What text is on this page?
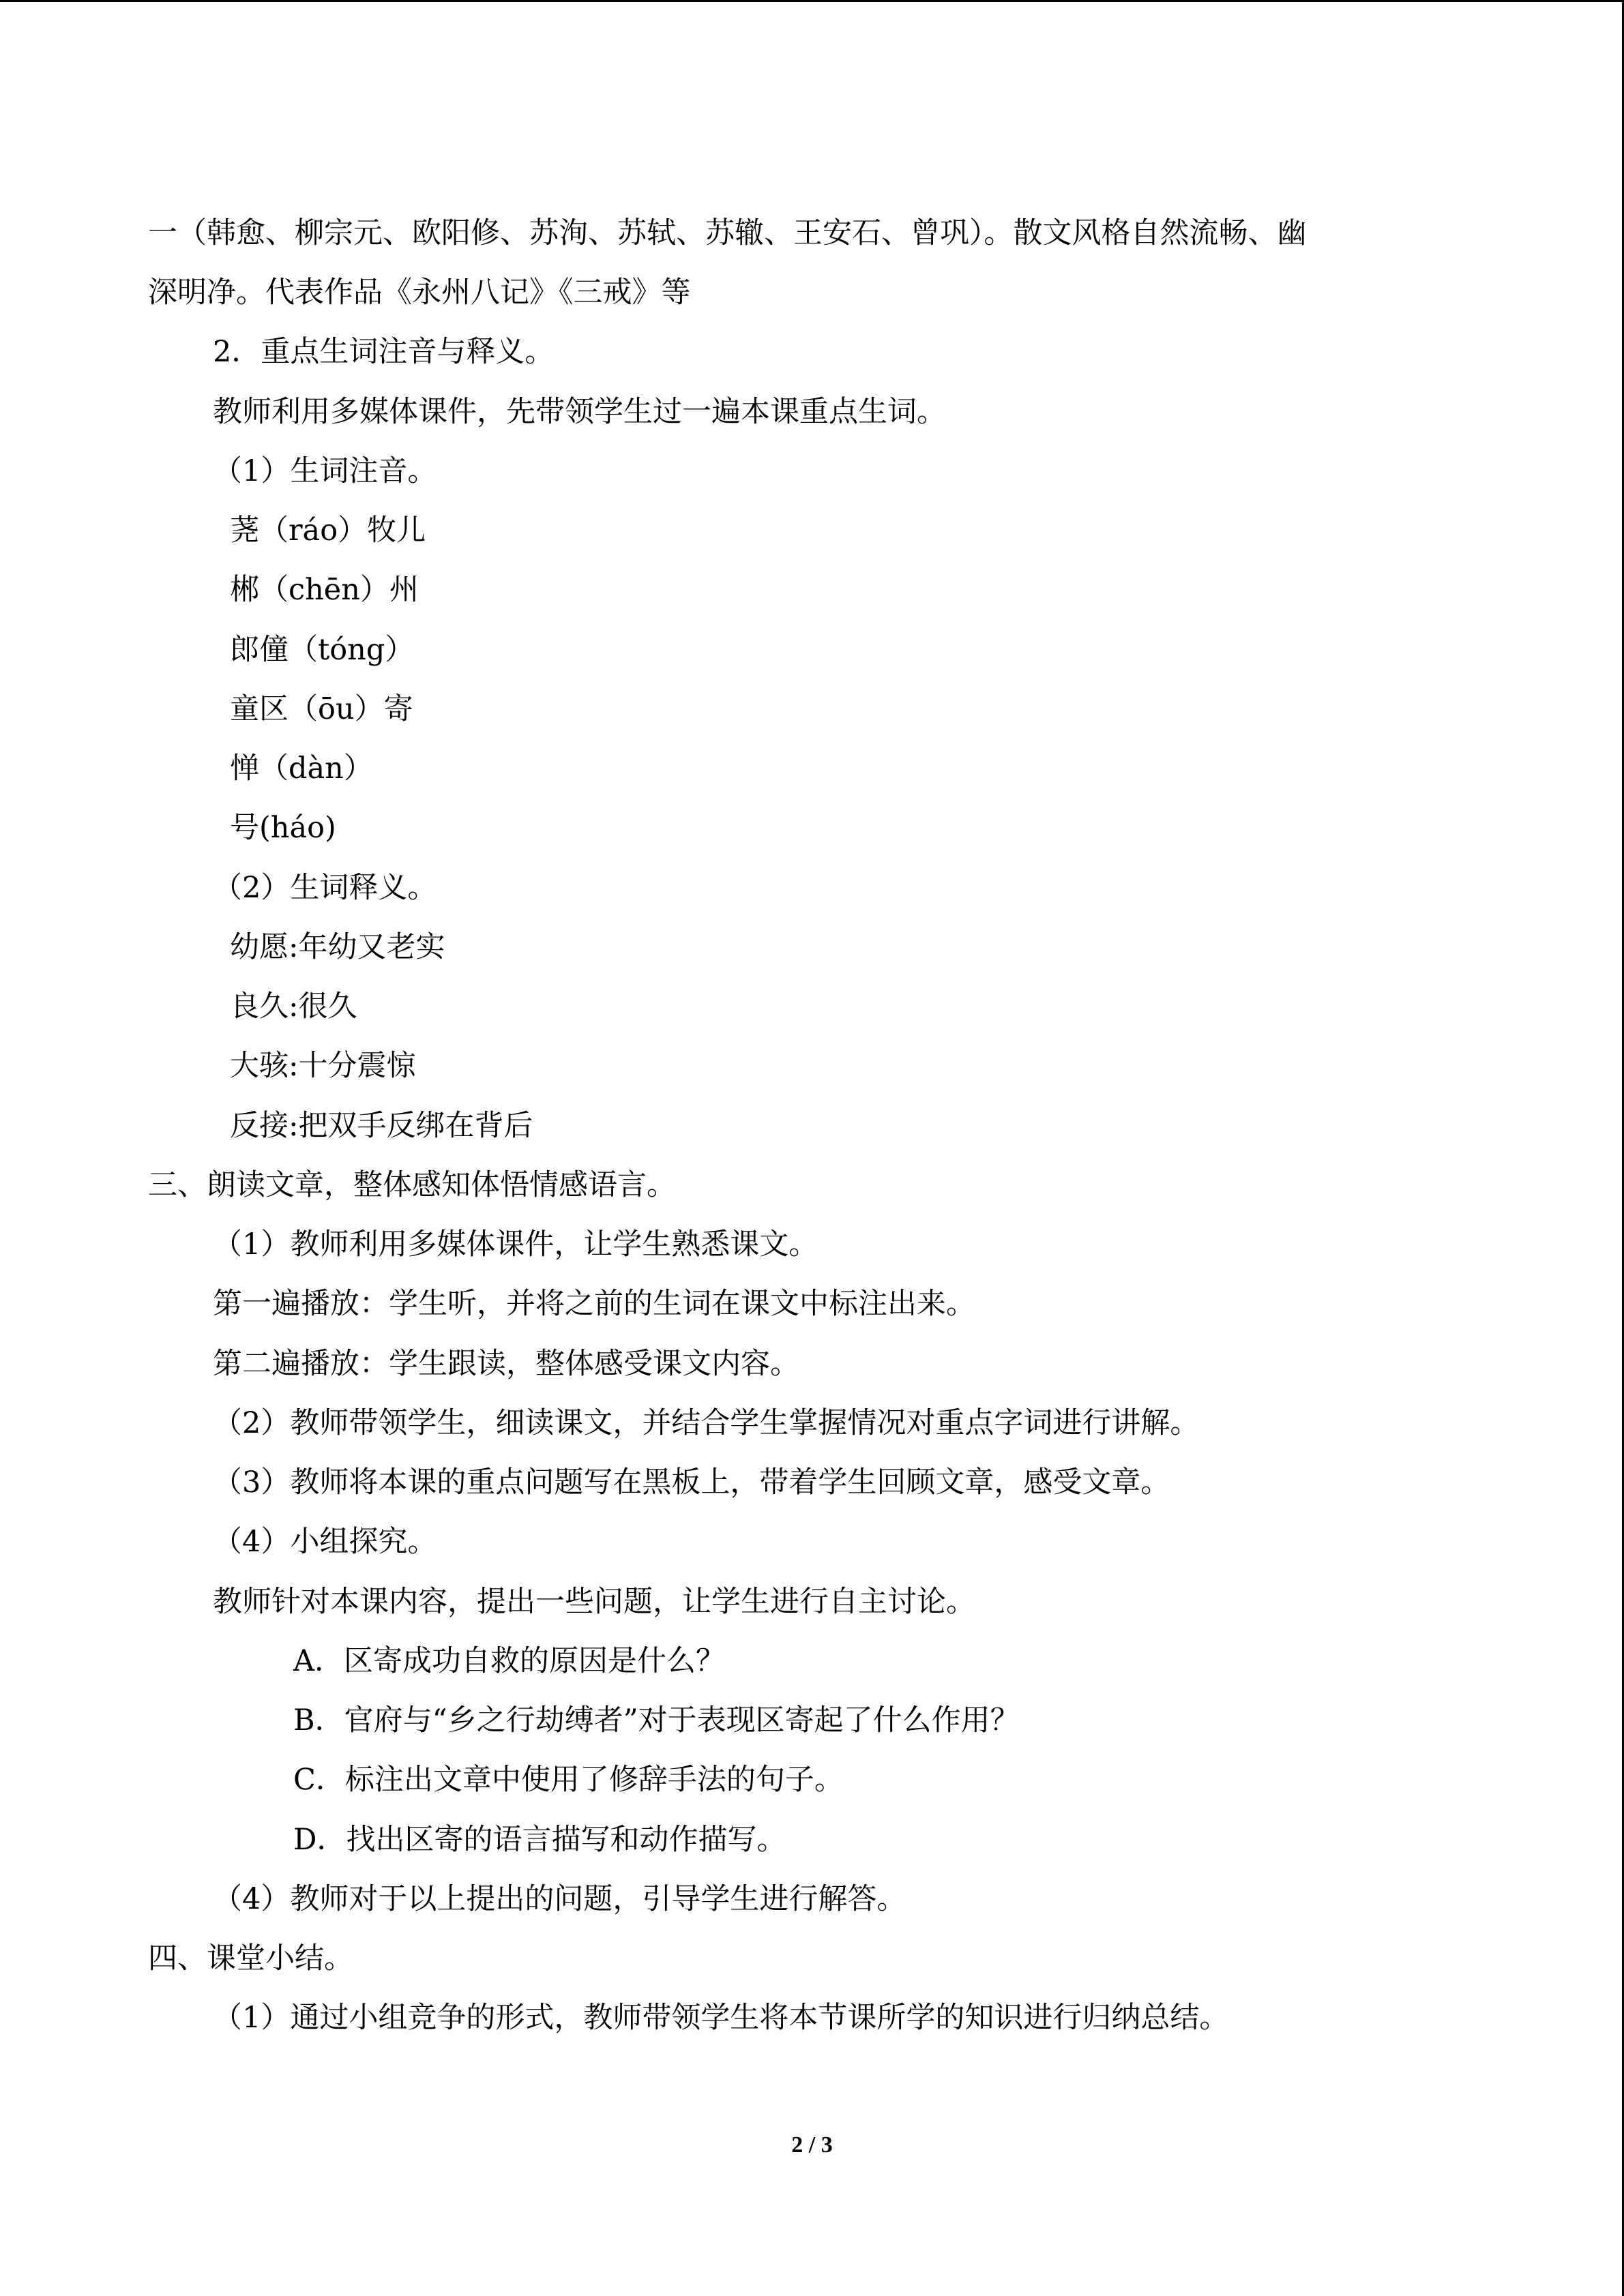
一（韩愈、柳宗元、欧阳修、苏洵、苏轼、苏辙、王安石、曾巩）。散文风格自然流畅、幽
深明净。代表作品《永州八记》《三戒》等
2．重点生词注音与释义。
教师利用多媒体课件，先带领学生过一遍本课重点生词。
（1）生词注音。
荛（ráo）牧儿
郴（chēn）州
郎僮（tóng）
童区（ōu）寄
惮（dàn）
号(háo)
（2）生词释义。
幼愿:年幼又老实
良久:很久
大骇:十分震惊
反接:把双手反绑在背后
三、朗读文章，整体感知体悟情感语言。
（1）教师利用多媒体课件，让学生熟悉课文。
第一遍播放：学生听，并将之前的生词在课文中标注出来。
第二遍播放：学生跟读，整体感受课文内容。
（2）教师带领学生，细读课文，并结合学生掌握情况对重点字词进行讲解。
（3）教师将本课的重点问题写在黑板上，带着学生回顾文章，感受文章。
（4）小组探究。
教师针对本课内容，提出一些问题，让学生进行自主讨论。
A．区寄成功自救的原因是什么？
B．官府与“乡之行劫缚者”对于表现区寄起了什么作用？
C．标注出文章中使用了修辞手法的句子。
D．找出区寄的语言描写和动作描写。
（4）教师对于以上提出的问题，引导学生进行解答。
四、课堂小结。
（1）通过小组竞争的形式，教师带领学生将本节课所学的知识进行归纳总结。
2 / 3
